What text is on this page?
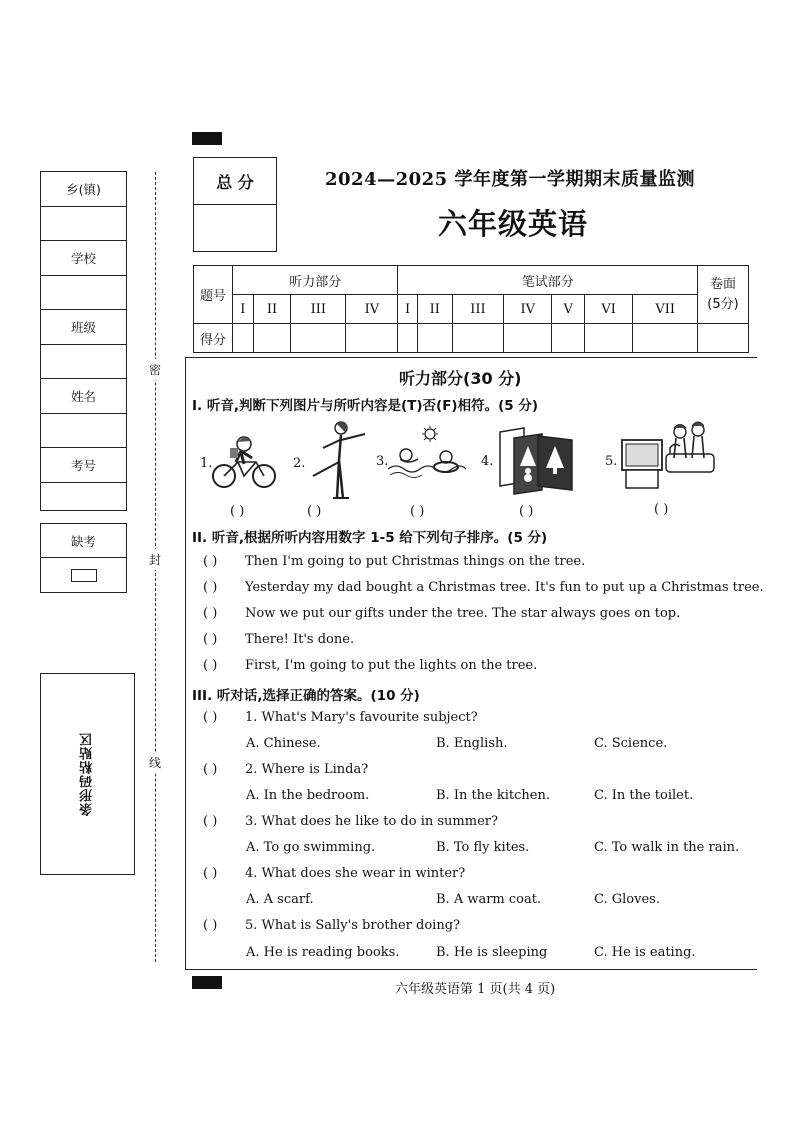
乡(镇)
学校
班级
姓名
考号
缺考
条形码粘贴区
密
封
线
总 分	2024—2025 学年度第一学期期末质量监测
六年级英语
题号	听力部分				笔试部分							卷面
(5分)
	I	II	III	IV	I	II	III	IV	V	VI	VII	
得分												
听力部分(30 分)
I. 听音,判断下列图片与所听内容是(T)否(F)相符。(5 分)
1.	2.	3.	4.	5.
( )	( )	( )	( )	( )
II. 听音,根据所听内容用数字 1-5 给下列句子排序。(5 分)
( ) Then I'm going to put Christmas things on the tree.
( ) Yesterday my dad bought a Christmas tree. It's fun to put up a Christmas tree.
( ) Now we put our gifts under the tree. The star always goes on top.
( ) There! It's done.
( ) First, I'm going to put the lights on the tree.
III. 听对话,选择正确的答案。(10 分)
( ) 1. What's Mary's favourite subject?
A. Chinese.	B. English.	C. Science.
( ) 2. Where is Linda?
A. In the bedroom.	B. In the kitchen.	C. In the toilet.
( ) 3. What does he like to do in summer?
A. To go swimming.	B. To fly kites.	C. To walk in the rain.
( ) 4. What does she wear in winter?
A. A scarf.	B. A warm coat.	C. Gloves.
( ) 5. What is Sally's brother doing?
A. He is reading books.	B. He is sleeping	C. He is eating.
六年级英语第 1 页(共 4 页)
